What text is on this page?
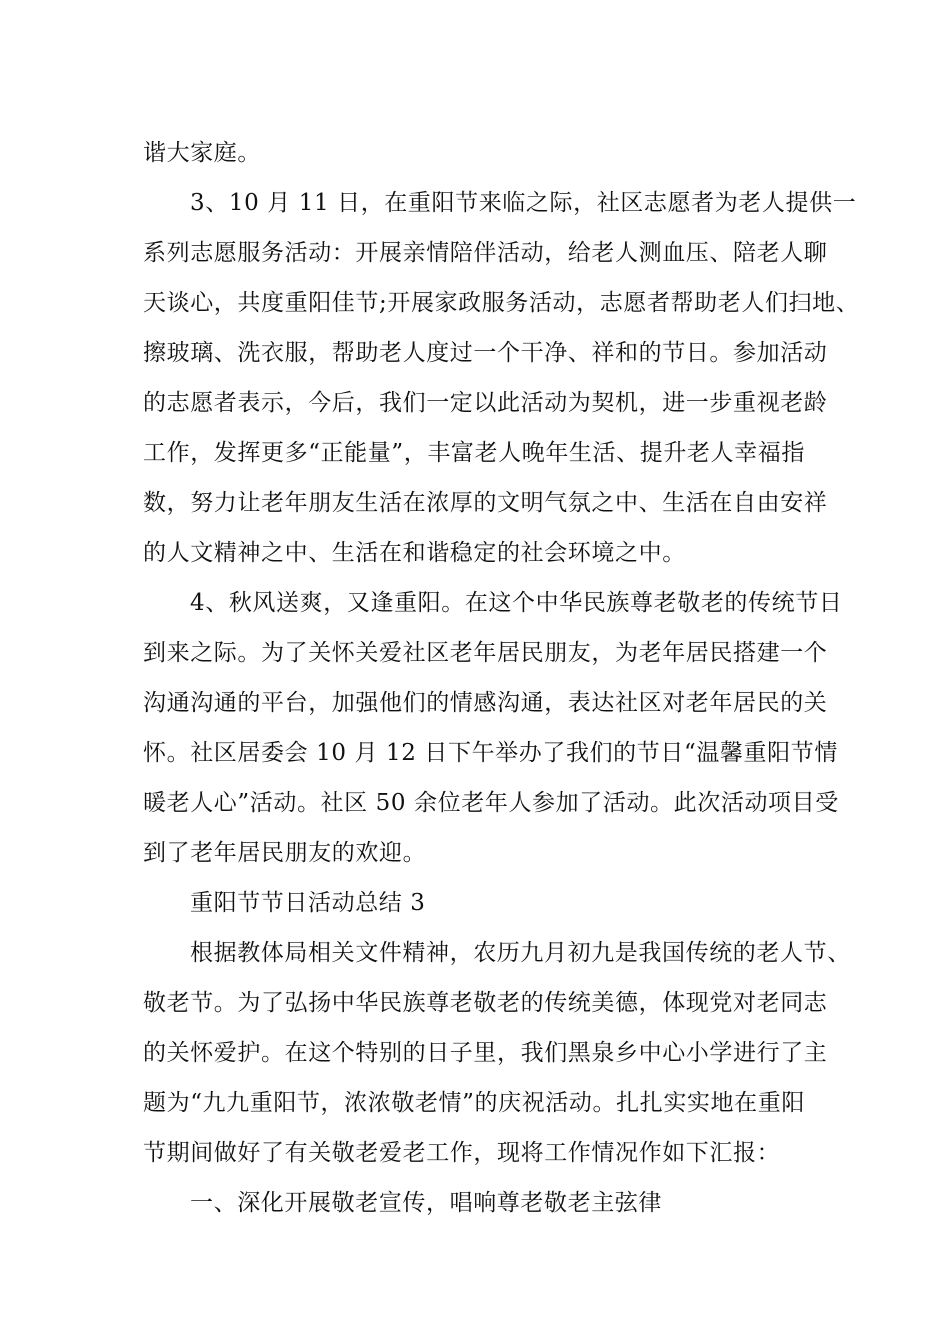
谐大家庭。
3、10 月 11 日，在重阳节来临之际，社区志愿者为老人提供一
系列志愿服务活动：开展亲情陪伴活动，给老人测血压、陪老人聊
天谈心，共度重阳佳节;开展家政服务活动，志愿者帮助老人们扫地、
擦玻璃、洗衣服，帮助老人度过一个干净、祥和的节日。参加活动
的志愿者表示，今后，我们一定以此活动为契机，进一步重视老龄
工作，发挥更多“正能量”，丰富老人晚年生活、提升老人幸福指
数，努力让老年朋友生活在浓厚的文明气氛之中、生活在自由安祥
的人文精神之中、生活在和谐稳定的社会环境之中。
4、秋风送爽，又逢重阳。在这个中华民族尊老敬老的传统节日
到来之际。为了关怀关爱社区老年居民朋友，为老年居民搭建一个
沟通沟通的平台，加强他们的情感沟通，表达社区对老年居民的关
怀。社区居委会 10 月 12 日下午举办了我们的节日“温馨重阳节情
暖老人心”活动。社区 50 余位老年人参加了活动。此次活动项目受
到了老年居民朋友的欢迎。
重阳节节日活动总结 3
根据教体局相关文件精神，农历九月初九是我国传统的老人节、
敬老节。为了弘扬中华民族尊老敬老的传统美德，体现党对老同志
的关怀爱护。在这个特别的日子里，我们黑泉乡中心小学进行了主
题为“九九重阳节，浓浓敬老情”的庆祝活动。扎扎实实地在重阳
节期间做好了有关敬老爱老工作，现将工作情况作如下汇报：
一、深化开展敬老宣传，唱响尊老敬老主弦律
